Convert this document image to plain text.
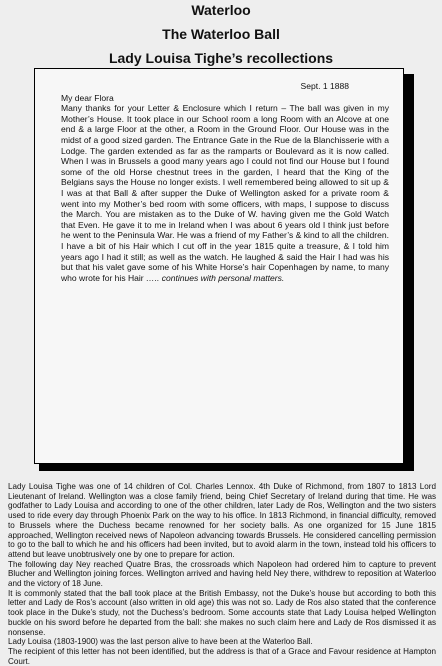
Waterloo
The Waterloo Ball
Lady Louisa Tighe’s recollections

Sept. 1 1888

My dear Flora

Many thanks for your Letter & Enclosure which I return – The ball was given in my Mother’s House. It took place in our School room a long Room with an Alcove at one end & a large Floor at the other, a Room in the Ground Floor. Our House was in the midst of a good sized garden. The Entrance Gate in the Rue de la Blanchisserie with a Lodge. The garden extended as far as the ramparts or Boulevard as it is now called. When I was in Brussels a good many years ago I could not find our House but I found some of the old Horse chestnut trees in the garden, I heard that the King of the Belgians says the House no longer exists. I well remembered being allowed to sit up & I was at that Ball & after supper the Duke of Wellington asked for a private room & went into my Mother’s bed room with some officers, with maps, I suppose to discuss the March. You are mistaken as to the Duke of W. having given me the Gold Watch that Even. He gave it to me in Ireland when I was about 6 years old I think just before he went to the Peninsula War. He was a friend of my Father’s & kind to all the children. I have a bit of his Hair which I cut off in the year 1815 quite a treasure, & I told him years ago I had it still; as well as the watch. He laughed & said the Hair I had was his but that his valet gave some of his White Horse’s hair Copenhagen by name, to many who wrote for his Hair ….. continues with personal matters.

Lady Louisa Tighe was one of 14 children of Col. Charles Lennox. 4th Duke of Richmond, from 1807 to 1813 Lord Lieutenant of Ireland. Wellington was a close family friend, being Chief Secretary of Ireland during that time. He was godfather to Lady Louisa and according to one of the other children, later Lady de Ros, Wellington and the two sisters used to ride every day through Phoenix Park on the way to his office. In 1813 Richmond, in financial difficulty, removed to Brussels where the Duchess became renowned for her society balls. As one organized for 15 June 1815 approached, Wellington received news of Napoleon advancing towards Brussels. He considered cancelling permission to go to the ball to which he and his officers had been invited, but to avoid alarm in the town, instead told his officers to attend but leave unobtrusively one by one to prepare for action.

The following day Ney reached Quatre Bras, the crossroads which Napoleon had ordered him to capture to prevent Blucher and Wellington joining forces. Wellington arrived and having held Ney there, withdrew to reposition at Waterloo and the victory of 18 June.

It is commonly stated that the ball took place at the British Embassy, not the Duke’s house but according to both this letter and Lady de Ros’s account (also written in old age) this was not so. Lady de Ros also stated that the conference took place in the Duke’s study, not the Duchess’s bedroom. Some accounts state that Lady Louisa helped Wellington buckle on his sword before he departed from the ball: she makes no such claim here and Lady de Ros dismissed it as nonsense.

Lady Louisa (1803-1900) was the last person alive to have been at the Waterloo Ball.

The recipient of this letter has not been identified, but the address is that of a Grace and Favour residence at Hampton Court.
